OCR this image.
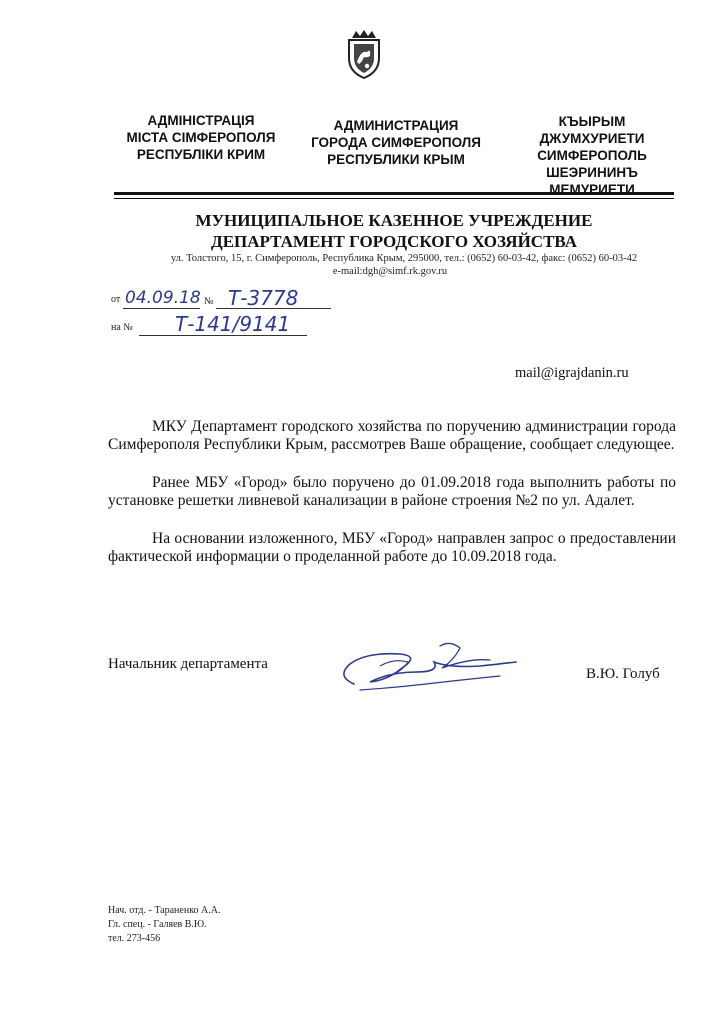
АДМІНІСТРАЦІЯ
МІСТА СІМФЕРОПОЛЯ
РЕСПУБЛІКИ КРИМ
АДМИНИСТРАЦИЯ
ГОРОДА СИМФЕРОПОЛЯ
РЕСПУБЛИКИ КРЫМ
КЪЫРЫМ
ДЖУМХУРИЕТИ
СИМФЕРОПОЛЬ
ШЕЭРИНИНЪ
МЕМУРИЕТИ
МУНИЦИПАЛЬНОЕ КАЗЕННОЕ УЧРЕЖДЕНИЕ
ДЕПАРТАМЕНТ ГОРОДСКОГО ХОЗЯЙСТВА
ул. Толстого, 15, г. Симферополь, Республика Крым, 295000, тел.: (0652) 60-03-42, факс: (0652) 60-03-42
e-mail:dgh@simf.rk.gov.ru
от 04.09.18 № Т-3778
на № Т-141/9141
mail@igrajdanin.ru
МКУ Департамент городского хозяйства по поручению администрации города Симферополя Республики Крым, рассмотрев Ваше обращение, сообщает следующее.
Ранее МБУ «Город» было поручено до 01.09.2018 года выполнить работы по установке решетки ливневой канализации в районе строения №2 по ул. Адалет.
На основании изложенного, МБУ «Город» направлен запрос о предоставлении фактической информации о проделанной работе до 10.09.2018 года.
Начальник департамента
В.Ю. Голуб
Нач. отд. - Тараненко А.А.
Гл. спец. - Галяев В.Ю.
тел. 273-456
